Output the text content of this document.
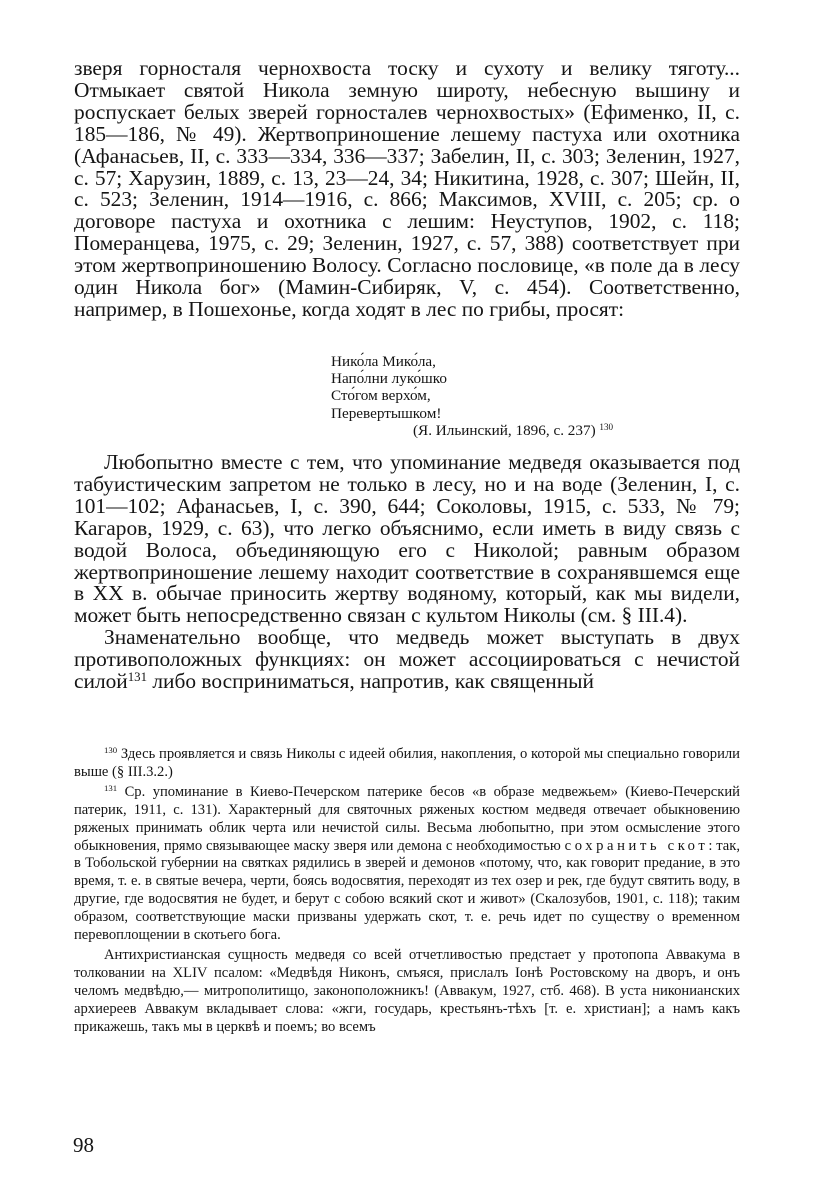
зверя горносталя чернохвоста тоску и сухоту и велику тяготу... Отмыкает святой Никола земную широту, небесную вышину и роспускает белых зверей горносталев чернохвостых» (Ефименко, II, с. 185—186, № 49). Жертвоприношение лешему пастуха или охотника (Афанасьев, II, с. 333—334, 336—337; Забелин, II, с. 303; Зеленин, 1927, с. 57; Харузин, 1889, с. 13, 23—24, 34; Никитина, 1928, с. 307; Шейн, II, с. 523; Зеленин, 1914—1916, с. 866; Максимов, XVIII, с. 205; ср. о договоре пастуха и охотника с лешим: Неуступов, 1902, с. 118; Померанцева, 1975, с. 29; Зеленин, 1927, с. 57, 388) соответствует при этом жертвоприношению Волосу. Согласно пословице, «в поле да в лесу один Никола бог» (Мамин-Сибиряк, V, с. 454). Соответственно, например, в Пошехонье, когда ходят в лес по грибы, просят:

Нико́ла Мико́ла,
Напо́лни луко́шко
Сто́гом верхо́м,
Перевертышком!
(Я. Ильинский, 1896, с. 237) $^{130}$

Любопытно вместе с тем, что упоминание медведя оказывается под табуистическим запретом не только в лесу, но и на воде (Зеленин, I, с. 101—102; Афанасьев, I, с. 390, 644; Соколовы, 1915, с. 533, № 79; Кагаров, 1929, с. 63), что легко объяснимо, если иметь в виду связь с водой Волоса, объединяющую его с Николой; равным образом жертвоприношение лешему находит соответствие в сохранявшемся еще в XX в. обычае приносить жертву водяному, который, как мы видели, может быть непосредственно связан с культом Николы (см. § III.4).

Знаменательно вообще, что медведь может выступать в двух противоположных функциях: он может ассоциироваться с нечистой силой$^{131}$ либо восприниматься, напротив, как священный

$^{130}$ Здесь проявляется и связь Николы с идеей обилия, накопления, о которой мы специально говорили выше (§ III.3.2.)

$^{131}$ Ср. упоминание в Киево-Печерском патерике бесов «в образе медвежьем» (Киево-Печерский патерик, 1911, с. 131). Характерный для святочных ряженых костюм медведя отвечает обыкновению ряженых принимать облик черта или нечистой силы. Весьма любопытно, при этом осмысление этого обыкновения, прямо связывающее маску зверя или демона с необходимостью сохранить скот: так, в Тобольской губернии на святках рядились в зверей и демонов «потому, что, как говорит предание, в это время, т. е. в святые вечера, черти, боясь водосвятия, переходят из тех озер и рек, где будут святить воду, в другие, где водосвятия не будет, и берут с собою всякий скот и живот» (Скалозубов, 1901, с. 118); таким образом, соответствующие маски призваны удержать скот, т. е. речь идет по существу о временном перевоплощении в скотьего бога.

Антихристианская сущность медведя со всей отчетливостью предстает у протопопа Аввакума в толковании на XLIV псалом: «Медвѣдя Никонъ, смъяся, прислалъ Іонѣ Ростовскому на дворъ, и онъ челомъ медвѣдю,— митрополитищо, законоположникъ! (Аввакум, 1927, стб. 468). В уста никонианских архиереев Аввакум вкладывает слова: «жги, государь, крестьянъ-тѣхъ [т. е. христиан]; а намъ какъ прикажешь, такъ мы в церквѣ и поемъ; во всемъ

98
